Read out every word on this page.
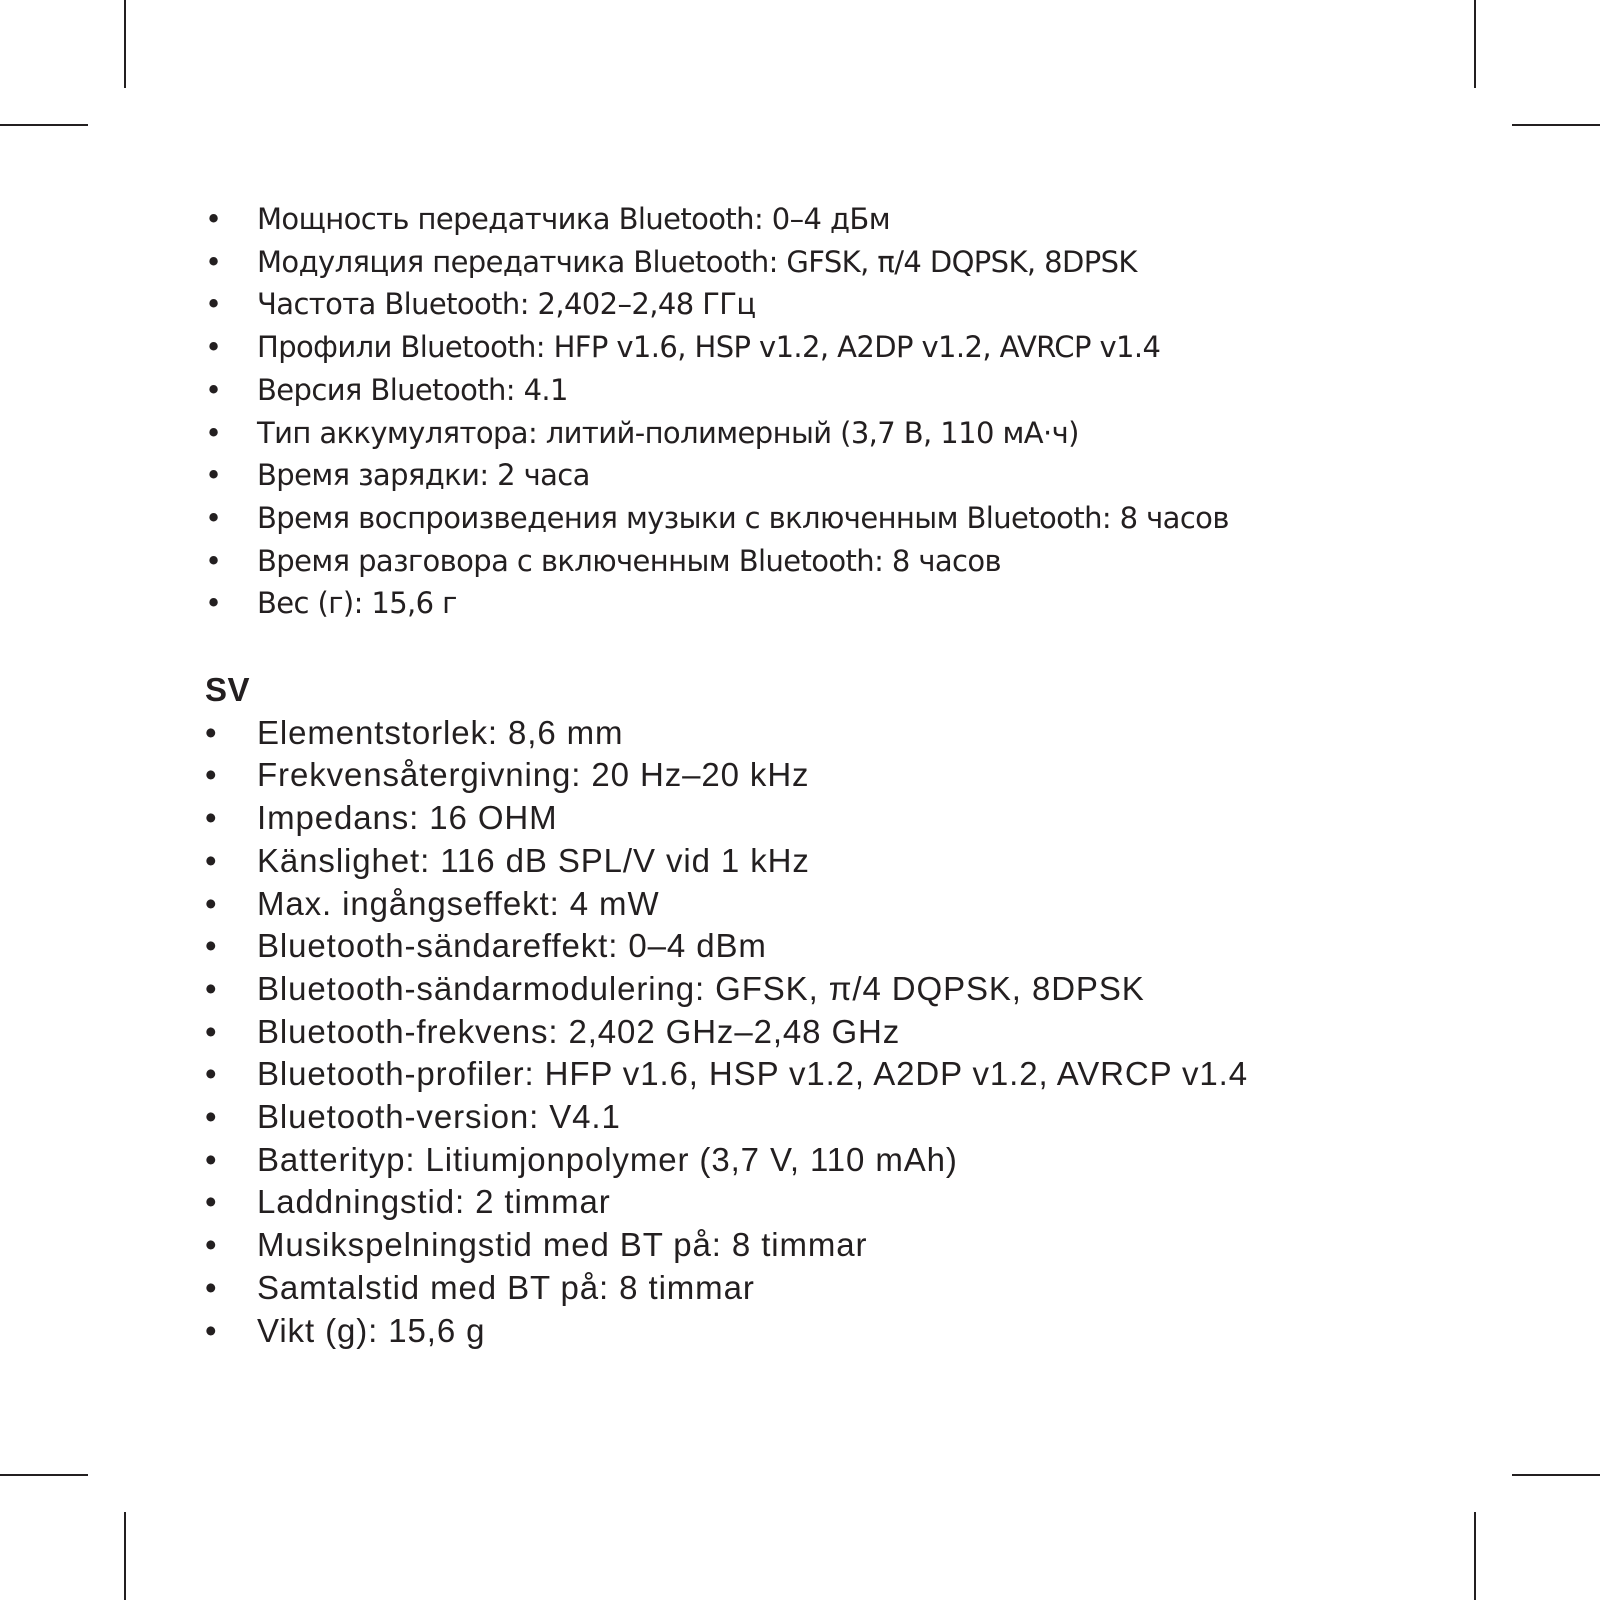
• Мощность передатчика Bluetooth: 0–4 дБм
• Модуляция передатчика Bluetooth: GFSK, π/4 DQPSK, 8DPSK
• Частота Bluetooth: 2,402–2,48 ГГц
• Профили Bluetooth: HFP v1.6, HSP v1.2, A2DP v1.2, AVRCP v1.4
• Версия Bluetooth: 4.1
• Тип аккумулятора: литий-полимерный (3,7 В, 110 мА·ч)
• Время зарядки: 2 часа
• Время воспроизведения музыки с включенным Bluetooth: 8 часов
• Время разговора с включенным Bluetooth: 8 часов
• Вес (г): 15,6 г
SV
• Elementstorlek: 8,6 mm
• Frekvensåtergivning: 20 Hz–20 kHz
• Impedans: 16 OHM
• Känslighet: 116 dB SPL/V vid 1 kHz
• Max. ingångseffekt: 4 mW
• Bluetooth-sändareffekt: 0–4 dBm
• Bluetooth-sändarmodulering: GFSK, π/4 DQPSK, 8DPSK
• Bluetooth-frekvens: 2,402 GHz–2,48 GHz
• Bluetooth-profiler: HFP v1.6, HSP v1.2, A2DP v1.2, AVRCP v1.4
• Bluetooth-version: V4.1
• Batterityp: Litiumjonpolymer (3,7 V, 110 mAh)
• Laddningstid: 2 timmar
• Musikspelningstid med BT på: 8 timmar
• Samtalstid med BT på: 8 timmar
• Vikt (g): 15,6 g
